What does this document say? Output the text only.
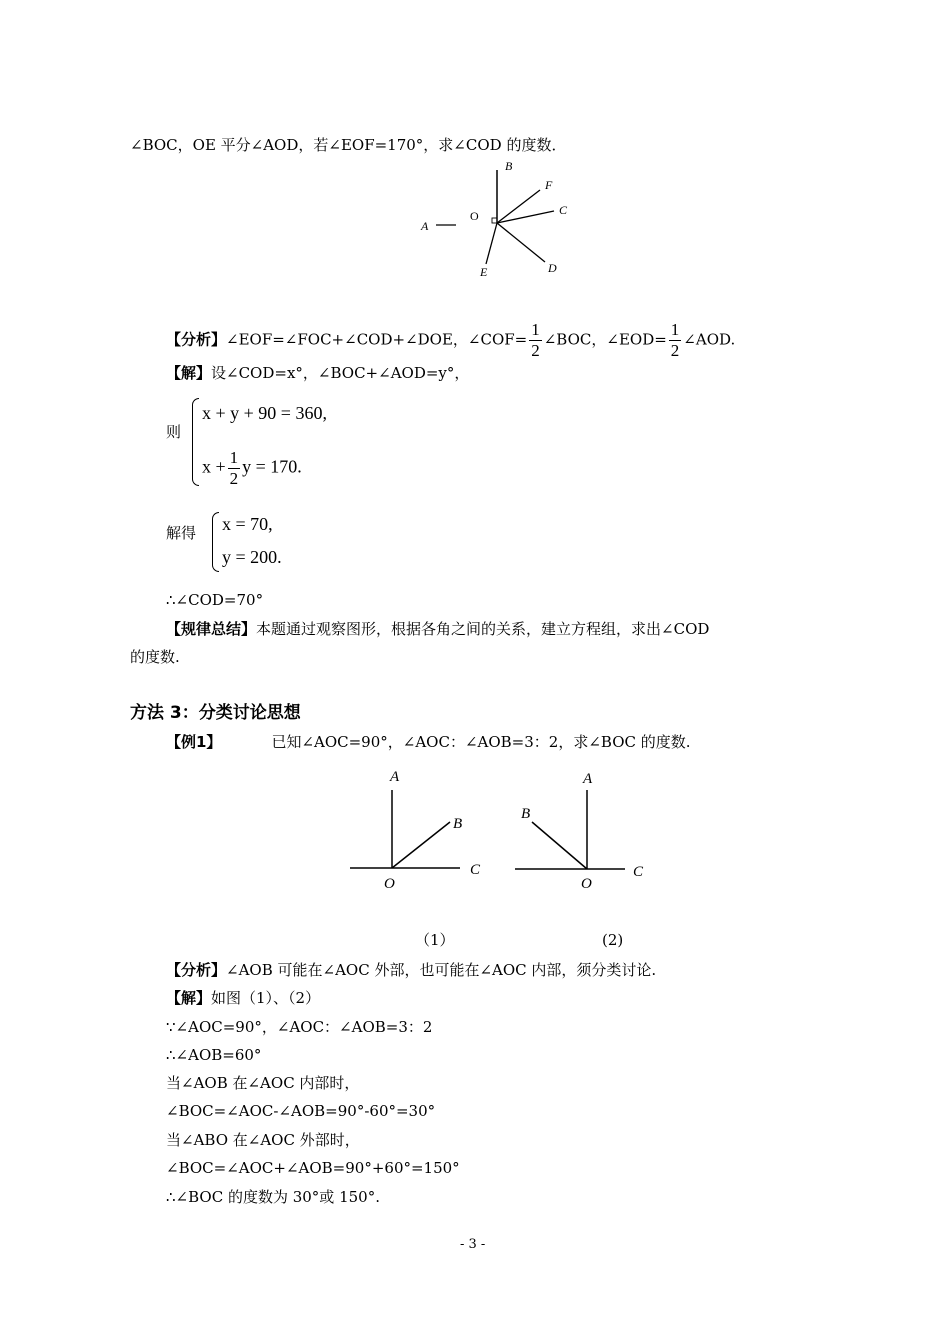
∠BOC，OE 平分∠AOD，若∠EOF=170°，求∠COD 的度数．
A
O
B
F
C
D
E
【分析】∠EOF=∠FOC+∠COD+∠DOE，∠COF= $\frac{1}{2}$ ∠BOC，∠EOD= $\frac{1}{2}$ ∠AOD.
【解】设∠COD=x°，∠BOC+∠AOD=y°，
则
x + y + 90 = 360,
$x + \frac{1}{2}$ y = 170.
解得 x = 70,
y = 200.
∴∠COD=70°
【规律总结】本题通过观察图形，根据各角之间的关系，建立方程组，求出∠COD
的度数.
方法 3：分类讨论思想
【例1】	已知∠AOC=90°，∠AOC：∠AOB=3：2，求∠BOC 的度数.
A
B
O
C
A
B
O
C
（1）	(2)
【分析】∠AOB 可能在∠AOC 外部，也可能在∠AOC 内部，须分类讨论.
【解】如图（1）、（2）
∵∠AOC=90°，∠AOC：∠AOB=3：2
∴∠AOB=60°
当∠AOB 在∠AOC 内部时，
∠BOC=∠AOC-∠AOB=90°-60°=30°
当∠ABO 在∠AOC 外部时，
∠BOC=∠AOC+∠AOB=90°+60°=150°
∴∠BOC 的度数为 30°或 150°.
- 3 -
